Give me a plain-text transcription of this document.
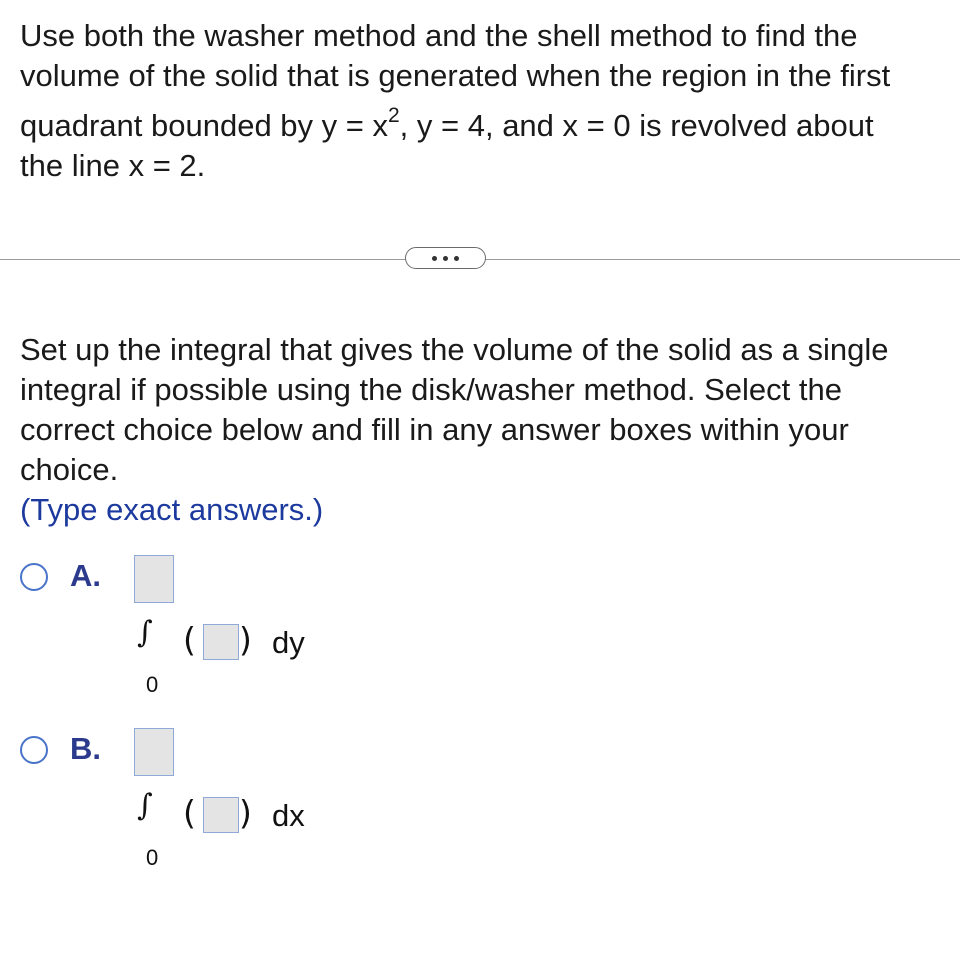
Use both the washer method and the shell method to find the
volume of the solid that is generated when the region in the first
quadrant bounded by $y = x^2$, y = 4, and x = 0 is revolved about
the line x = 2.
Set up the integral that gives the volume of the solid as a single integral if possible using the disk/washer method. Select the correct choice below and fill in any answer boxes within your choice.
(Type exact answers.)
A.
∫
0
( ) dy
B.
∫
0
( ) dx
